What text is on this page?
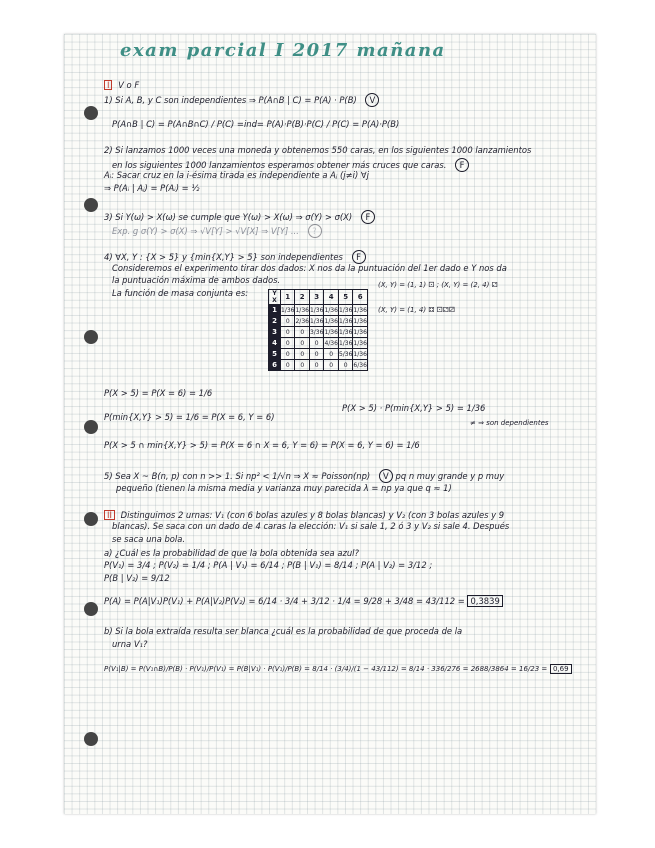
exam parcial I 2017 mañana
I V o F
1) Si A, B, y C son independientes ⇒ P(A∩B | C) = P(A) · P(B) V
P(A∩B | C) = P(A∩B∩C) / P(C) =ind= P(A)·P(B)·P(C) / P(C) = P(A)·P(B)
2) Si lanzamos 1000 veces una moneda y obtenemos 550 caras, en los siguientes 1000 lanzamientos
en los siguientes 1000 lanzamientos esperamos obtener más cruces que caras. F
Aᵢ: Sacar cruz en la i-ésima tirada es independiente a Aⱼ (j≠i) ∀j
⇒ P(Aᵢ | Aⱼ) = P(Aᵢ) = ½
3) Si Y(ω) > X(ω) se cumple que Y(ω) > X(ω) ⇒ σ(Y) > σ(X) F
Exp. g σ(Y) > σ(X) ⇒ √V[Y] > √V[X] ⇒ V[Y] ... ?
4) ∀X, Y : {X > 5} y {min{X,Y} > 5} son independientes F
Consideremos el experimento tirar dos dados: X nos da la puntuación del 1er dado e Y nos da
la puntuación máxima de ambos dados.
La función de masa conjunta es:
(X, Y) = (1, 1) ⚀ ; (X, Y) = (2, 4) ⚁
(X, Y) = (1, 4) ⚃ ⚀⚁⚂
Y X	1	2	3	4	5	6
1	1/36	1/36	1/36	1/36	1/36	1/36
2	0	2/36	1/36	1/36	1/36	1/36
3	0	0	3/36	1/36	1/36	1/36
4	0	0	0	4/36	1/36	1/36
5	0	0	0	0	5/36	1/36
6	0	0	0	0	0	6/36
P(X > 5) = P(X = 6) = 1/6
P(min{X,Y} > 5) = 1/6 = P(X = 6, Y = 6)
P(X > 5) · P(min{X,Y} > 5) = 1/36
≠ ⇒ son dependientes
P(X > 5 ∩ min{X,Y} > 5) = P(X = 6 ∩ X = 6, Y = 6) = P(X = 6, Y = 6) = 1/6
5) Sea X ~ B(n, p) con n >> 1. Si np² < 1/√n ⇒ X ≈ Poisson(np) V pq n muy grande y p muy
pequeño (tienen la misma media y varianza muy parecida λ = np ya que q ≈ 1)
II Distinguimos 2 urnas: V₁ (con 6 bolas azules y 8 bolas blancas) y V₂ (con 3 bolas azules y 9
blancas). Se saca con un dado de 4 caras la elección: V₁ si sale 1, 2 ó 3 y V₂ si sale 4. Después
se saca una bola.
a) ¿Cuál es la probabilidad de que la bola obtenida sea azul?
P(V₁) = 3/4 ; P(V₂) = 1/4 ; P(A | V₁) = 6/14 ; P(B | V₁) = 8/14 ; P(A | V₂) = 3/12 ;
P(B | V₂) = 9/12
P(A) = P(A|V₁)P(V₁) + P(A|V₂)P(V₂) = 6/14 · 3/4 + 3/12 · 1/4 = 9/28 + 3/48 = 43/112 = 0,3839
b) Si la bola extraída resulta ser blanca ¿cuál es la probabilidad de que proceda de la
urna V₁?
P(V₁|B) = P(V₁∩B)/P(B) · P(V₁)/P(V₁) = P(B|V₁) · P(V₁)/P(B) = 8/14 · (3/4)/(1 − 43/112) = 8/14 · 336/276 = 2688/3864 = 16/23 = 0,69
